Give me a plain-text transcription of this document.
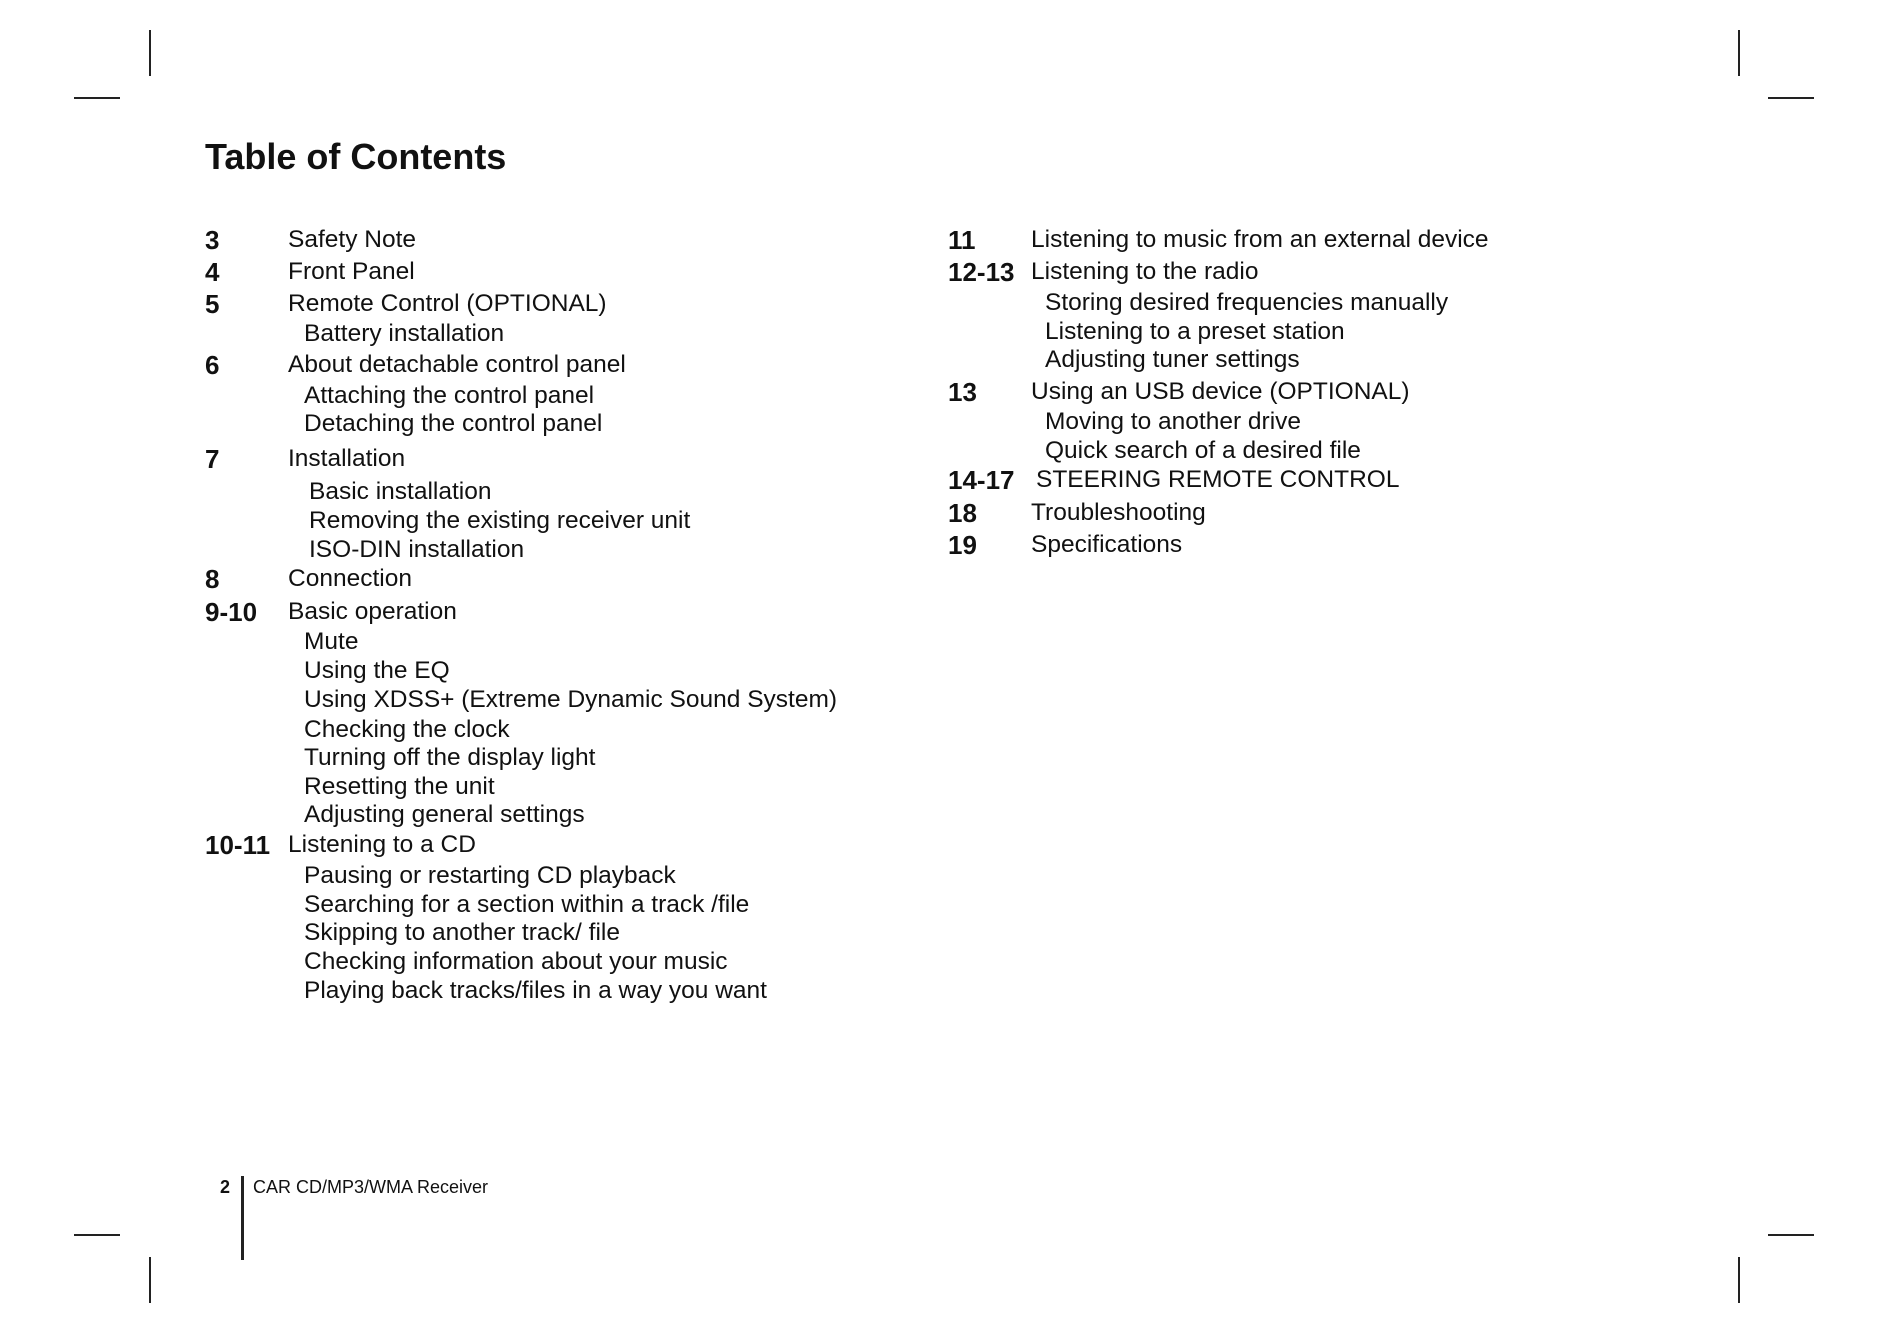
Table of Contents
3	Safety Note
4	Front Panel
5	Remote Control (OPTIONAL)
Battery installation
6	About detachable control panel
Attaching the control panel
Detaching the control panel
7	Installation
Basic installation
Removing the existing receiver unit
ISO-DIN installation
8	Connection
9-10 Basic operation
Mute
Using the EQ
Using XDSS+ (Extreme Dynamic Sound System)
Checking the clock
Turning off the display light
Resetting the unit
Adjusting general settings
10-11 Listening to a CD
Pausing or restarting CD playback
Searching for a section within a track /file
Skipping to another track/ file
Checking information about your music
Playing back tracks/files in a way you want
11 Listening to music from an external device
12-13 Listening to the radio
Storing desired frequencies manually
Listening to a preset station
Adjusting tuner settings
13 Using an USB device (OPTIONAL)
Moving to another drive
Quick search of a desired file
14-17 STEERING REMOTE CONTROL
18 Troubleshooting
19 Specifications
2 CAR CD/MP3/WMA Receiver
